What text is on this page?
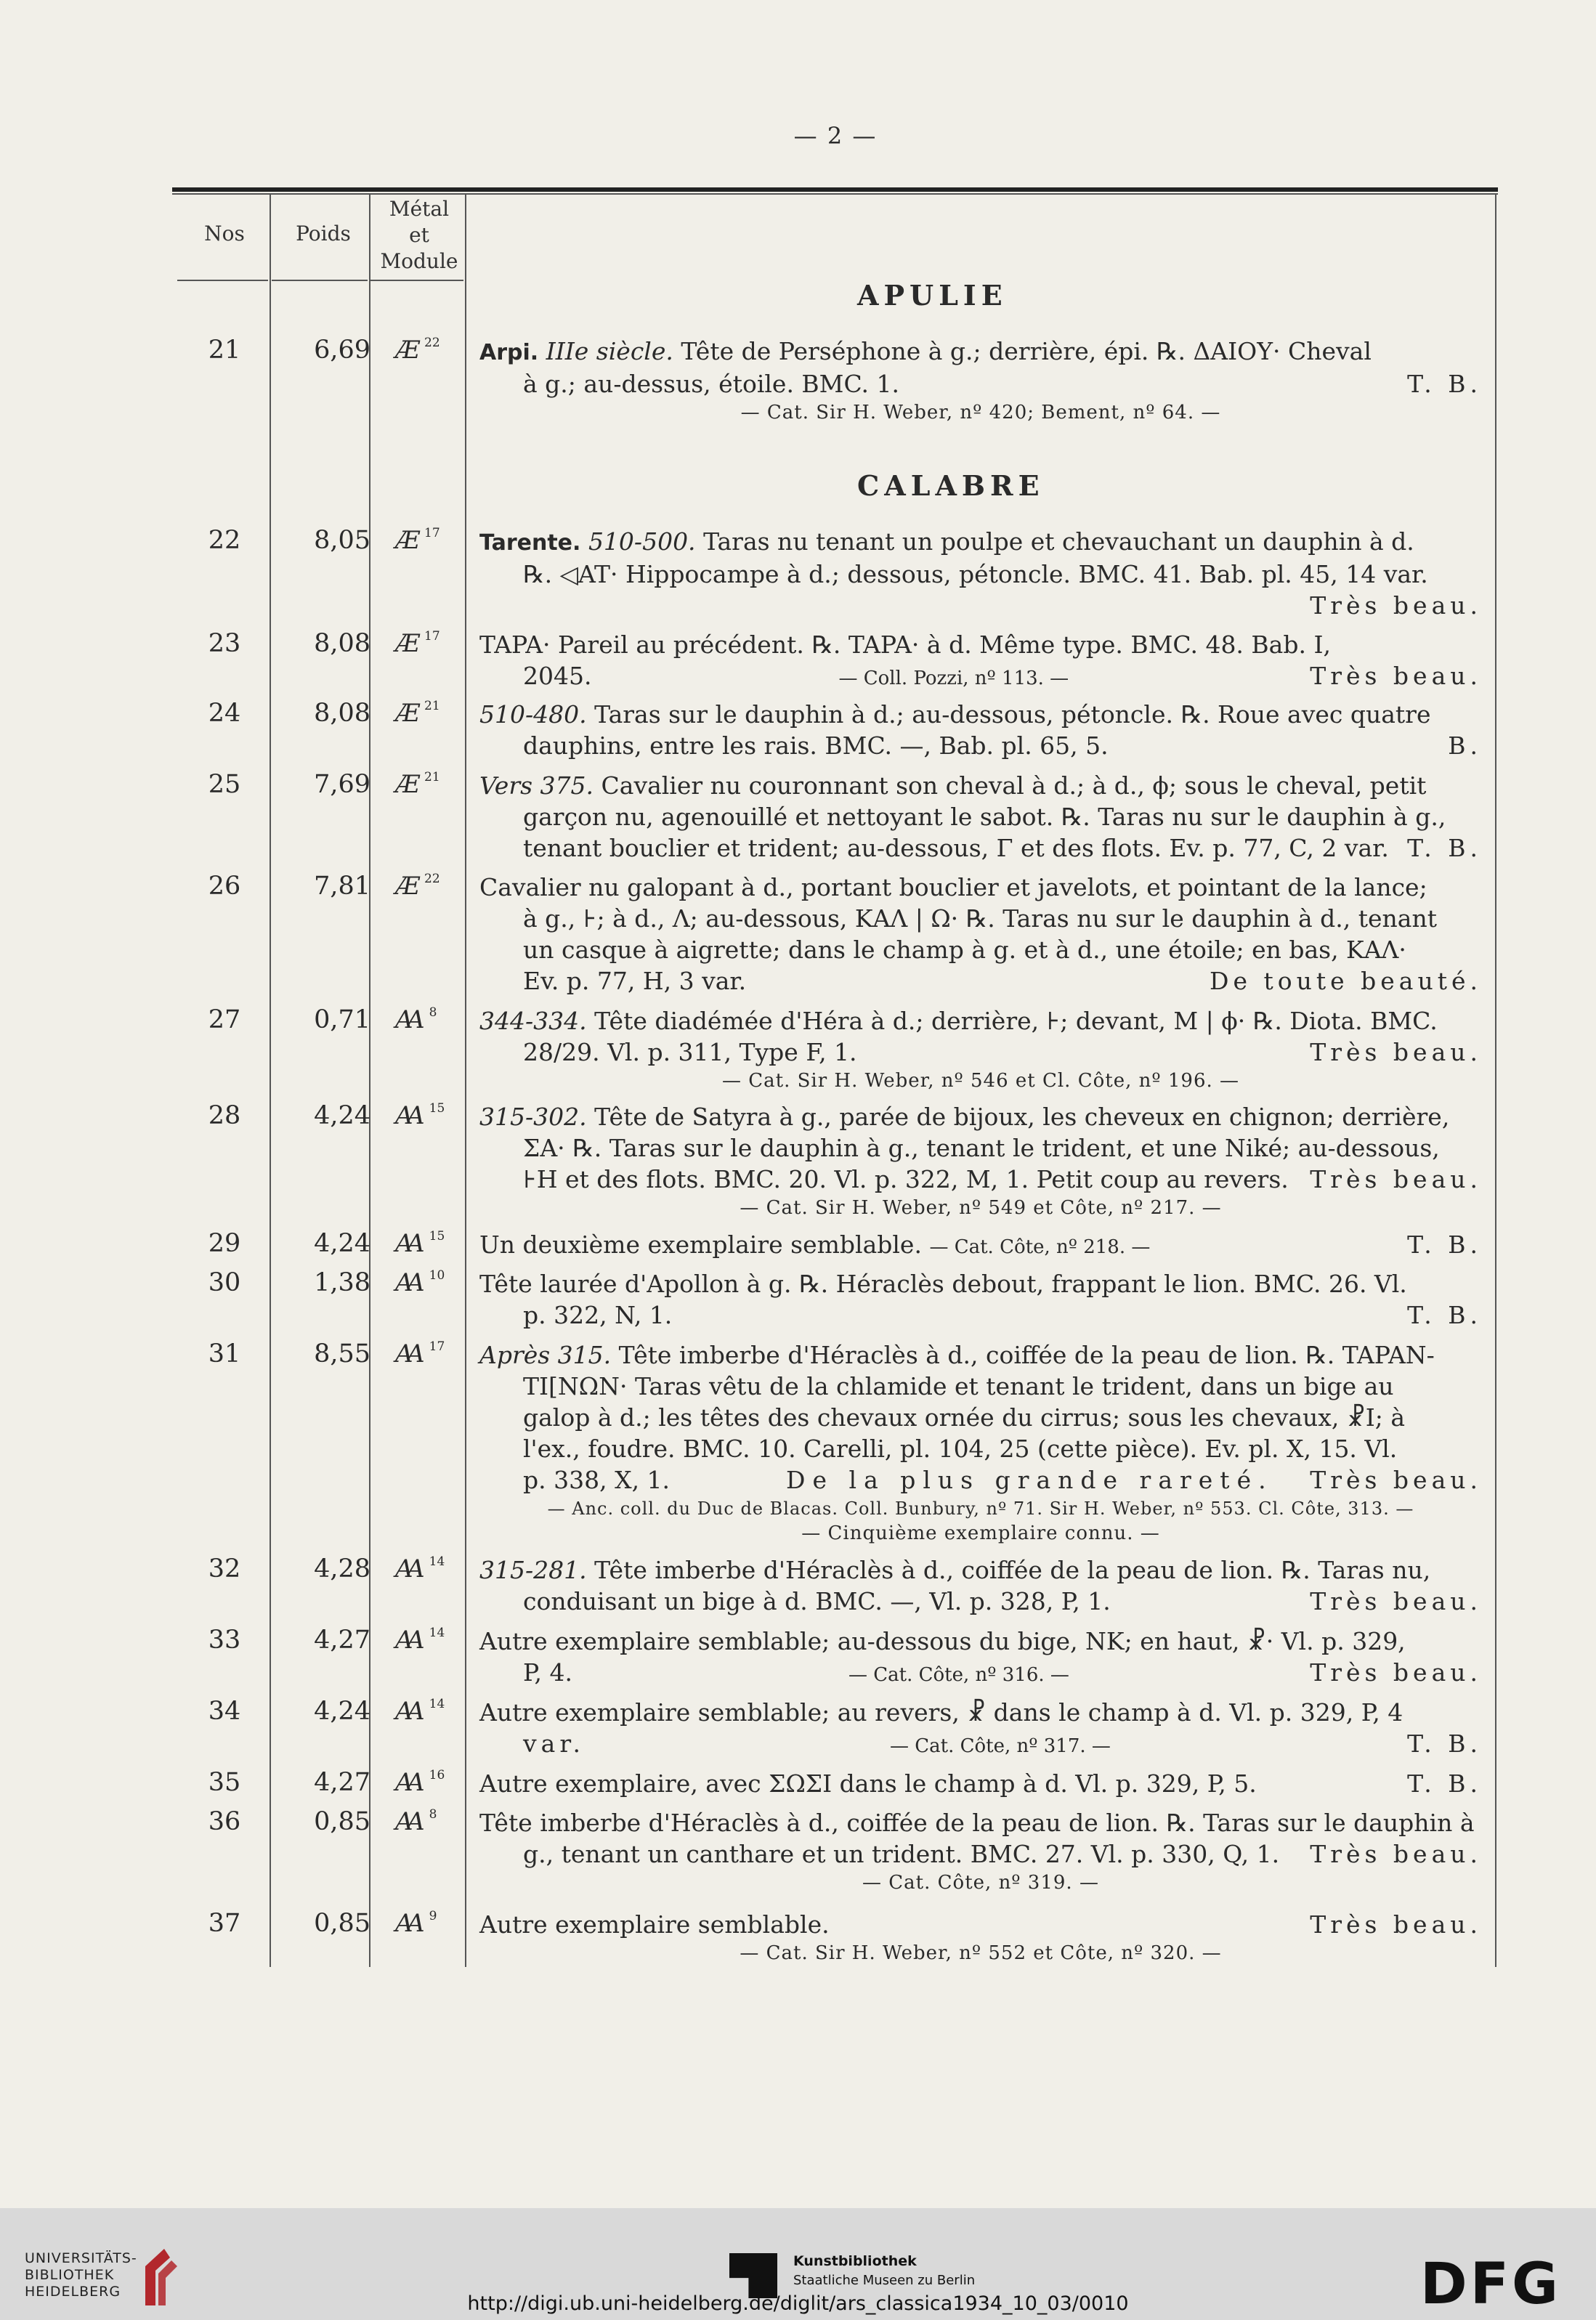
— 2 —
Nos	Poids
Métal
et
Module
APULIE
CALABRE
21	6,69	Æ $^{22}$	Arpi. IIIe siècle. Tête de Perséphone à g.; derrière, épi. ℞. ΔΑΙΟΥ· Cheval
à g.; au-dessus, étoile. BMC. 1.	T. B.
— Cat. Sir H. Weber, nº 420; Bement, nº 64. —
22	8,05	Æ $^{17}$	Tarente. 510-500. Taras nu tenant un poulpe et chevauchant un dauphin à d.
℞. ◁AT· Hippocampe à d.; dessous, pétoncle. BMC. 41. Bab. pl. 45, 14 var.
Très beau.
23	8,08	Æ $^{17}$	TAPA· Pareil au précédent. ℞. TAPA· à d. Même type. BMC. 48. Bab. I,
2045.	— Coll. Pozzi, nº 113. —	Très beau.
24	8,08	Æ $^{21}$	510-480. Taras sur le dauphin à d.; au-dessous, pétoncle. ℞. Roue avec quatre
dauphins, entre les rais. BMC. —, Bab. pl. 65, 5.	B.
25	7,69	Æ $^{21}$	Vers 375. Cavalier nu couronnant son cheval à d.; à d., ϕ; sous le cheval, petit
garçon nu, agenouillé et nettoyant le sabot. ℞. Taras nu sur le dauphin à g.,
tenant bouclier et trident; au-dessous, Γ et des flots. Ev. p. 77, C, 2 var. T. B.
26	7,81	Æ $^{22}$	Cavalier nu galopant à d., portant bouclier et javelots, et pointant de la lance;
à g., ⊦; à d., Λ; au-dessous, ΚΑΛ | Ω· ℞. Taras nu sur le dauphin à d., tenant
un casque à aigrette; dans le champ à g. et à d., une étoile; en bas, ΚΑΛ·
Ev. p. 77, H, 3 var.	De toute beauté.
27	0,71	Ꜳ $^8$	344-334. Tête diadémée d'Héra à d.; derrière, ⊦; devant, Μ | ϕ· ℞. Diota. BMC.
28/29. Vl. p. 311, Type F, 1.	Très beau.
— Cat. Sir H. Weber, nº 546 et Cl. Côte, nº 196. —
28	4,24	Ꜳ $^{15}$	315-302. Tête de Satyra à g., parée de bijoux, les cheveux en chignon; derrière,
ΣΑ· ℞. Taras sur le dauphin à g., tenant le trident, et une Niké; au-dessous,
⊦Η et des flots. BMC. 20. Vl. p. 322, M, 1. Petit coup au revers. Très beau.
— Cat. Sir H. Weber, nº 549 et Côte, nº 217. —
29	4,24	Ꜳ $^{15}$	Un deuxième exemplaire semblable. — Cat. Côte, nº 218. —	T. B.
30	1,38	Ꜳ $^{10}$	Tête laurée d'Apollon à g. ℞. Héraclès debout, frappant le lion. BMC. 26. Vl.
p. 322, N, 1.	T. B.
31	8,55	Ꜳ $^{17}$	Après 315. Tête imberbe d'Héraclès à d., coiffée de la peau de lion. ℞. TAPAN-
TI[ΝΩΝ· Taras vêtu de la chlamide et tenant le trident, dans un bige au
galop à d.; les têtes des chevaux ornée du cirrus; sous les chevaux, ☧I; à
l'ex., foudre. BMC. 10. Carelli, pl. 104, 25 (cette pièce). Ev. pl. X, 15. Vl.
p. 338, X, 1.	De la plus grande rareté. Très beau.
— Anc. coll. du Duc de Blacas. Coll. Bunbury, nº 71. Sir H. Weber, nº 553. Cl. Côte, 313. —
— Cinquième exemplaire connu. —
32	4,28	Ꜳ $^{14}$	315-281. Tête imberbe d'Héraclès à d., coiffée de la peau de lion. ℞. Taras nu,
conduisant un bige à d. BMC. —, Vl. p. 328, P, 1.	Très beau.
33	4,27	Ꜳ $^{14}$	Autre exemplaire semblable; au-dessous du bige, ΝΚ; en haut, ☧· Vl. p. 329,
P, 4.	— Cat. Côte, nº 316. —	Très beau.
34	4,24	Ꜳ $^{14}$	Autre exemplaire semblable; au revers, ☧ dans le champ à d. Vl. p. 329, P, 4
var.	— Cat. Côte, nº 317. —	T. B.
35	4,27	Ꜳ $^{16}$	Autre exemplaire, avec ΣΩΣΙ dans le champ à d. Vl. p. 329, P, 5.	T. B.
36	0,85	Ꜳ $^8$	Tête imberbe d'Héraclès à d., coiffée de la peau de lion. ℞. Taras sur le dauphin à
g., tenant un canthare et un trident. BMC. 27. Vl. p. 330, Q, 1. Très beau.
— Cat. Côte, nº 319. —
37	0,85	Ꜳ $^9$	Autre exemplaire semblable.	Très beau.
— Cat. Sir H. Weber, nº 552 et Côte, nº 320. —
UNIVERSITÄTS-
BIBLIOTHEK
HEIDELBERG
Kunstbibliothek
Staatliche Museen zu Berlin	DFG
http://digi.ub.uni-heidelberg.de/diglit/ars_classica1934_10_03/0010
